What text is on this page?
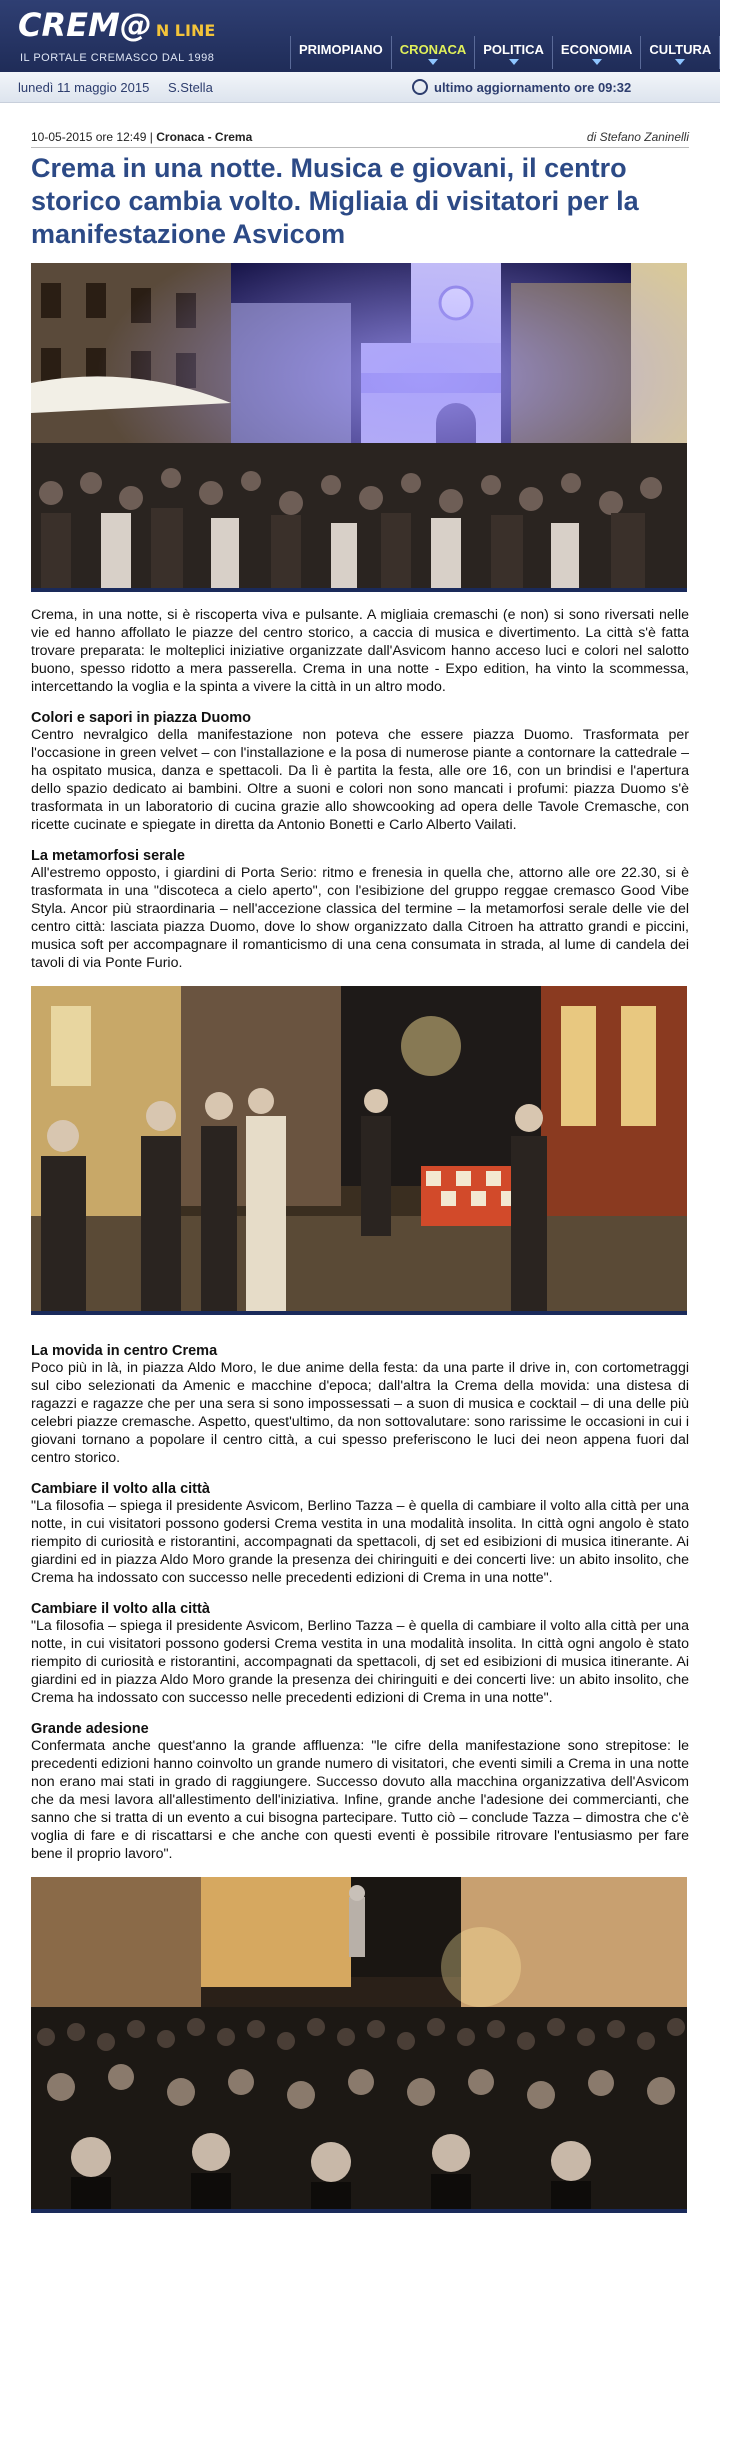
CREM@ N LINE
IL PORTALE CREMASCO DAL 1998
PRIMOPIANO	CRONACA	POLITICA	ECONOMIA	CULTURA	SP
lunedì 11 maggio 2015 S.Stella	ultimo aggiornamento ore 09:32
10-05-2015 ore 12:49 | Cronaca - Crema	di Stefano Zaninelli
Crema in una notte. Musica e giovani, il centro storico cambia volto. Migliaia di visitatori per la manifestazione Asvicom

Crema, in una notte, si è riscoperta viva e pulsante. A migliaia cremaschi (e non) si sono riversati nelle vie ed hanno affollato le piazze del centro storico, a caccia di musica e divertimento. La città s'è fatta trovare preparata: le molteplici iniziative organizzate dall'Asvicom hanno acceso luci e colori nel salotto buono, spesso ridotto a mera passerella. Crema in una notte - Expo edition, ha vinto la scommessa, intercettando la voglia e la spinta a vivere la città in un altro modo.

Colori e sapori in piazza Duomo

Centro nevralgico della manifestazione non poteva che essere piazza Duomo. Trasformata per l'occasione in green velvet – con l'installazione e la posa di numerose piante a contornare la cattedrale – ha ospitato musica, danza e spettacoli. Da lì è partita la festa, alle ore 16, con un brindisi e l'apertura dello spazio dedicato ai bambini. Oltre a suoni e colori non sono mancati i profumi: piazza Duomo s'è trasformata in un laboratorio di cucina grazie allo showcooking ad opera delle Tavole Cremasche, con ricette cucinate e spiegate in diretta da Antonio Bonetti e Carlo Alberto Vailati.

La metamorfosi serale

All'estremo opposto, i giardini di Porta Serio: ritmo e frenesia in quella che, attorno alle ore 22.30, si è trasformata in una "discoteca a cielo aperto", con l'esibizione del gruppo reggae cremasco Good Vibe Styla. Ancor più straordinaria – nell'accezione classica del termine – la metamorfosi serale delle vie del centro città: lasciata piazza Duomo, dove lo show organizzato dalla Citroen ha attratto grandi e piccini, musica soft per accompagnare il romanticismo di una cena consumata in strada, al lume di candela dei tavoli di via Ponte Furio.

La movida in centro Crema

Poco più in là, in piazza Aldo Moro, le due anime della festa: da una parte il drive in, con cortometraggi sul cibo selezionati da Amenic e macchine d'epoca; dall'altra la Crema della movida: una distesa di ragazzi e ragazze che per una sera si sono impossessati – a suon di musica e cocktail – di una delle più celebri piazze cremasche. Aspetto, quest'ultimo, da non sottovalutare: sono rarissime le occasioni in cui i giovani tornano a popolare il centro città, a cui spesso preferiscono le luci dei neon appena fuori dal centro storico.

Cambiare il volto alla città

"La filosofia – spiega il presidente Asvicom, Berlino Tazza – è quella di cambiare il volto alla città per una notte, in cui visitatori possono godersi Crema vestita in una modalità insolita. In città ogni angolo è stato riempito di curiosità e ristorantini, accompagnati da spettacoli, dj set ed esibizioni di musica itinerante. Ai giardini ed in piazza Aldo Moro grande la presenza dei chiringuiti e dei concerti live: un abito insolito, che Crema ha indossato con successo nelle precedenti edizioni di Crema in una notte".

Cambiare il volto alla città

"La filosofia – spiega il presidente Asvicom, Berlino Tazza – è quella di cambiare il volto alla città per una notte, in cui visitatori possono godersi Crema vestita in una modalità insolita. In città ogni angolo è stato riempito di curiosità e ristorantini, accompagnati da spettacoli, dj set ed esibizioni di musica itinerante. Ai giardini ed in piazza Aldo Moro grande la presenza dei chiringuiti e dei concerti live: un abito insolito, che Crema ha indossato con successo nelle precedenti edizioni di Crema in una notte".

Grande adesione

Confermata anche quest'anno la grande affluenza: "le cifre della manifestazione sono strepitose: le precedenti edizioni hanno coinvolto un grande numero di visitatori, che eventi simili a Crema in una notte non erano mai stati in grado di raggiungere. Successo dovuto alla macchina organizzativa dell'Asvicom che da mesi lavora all'allestimento dell'iniziativa. Infine, grande anche l'adesione dei commercianti, che sanno che si tratta di un evento a cui bisogna partecipare. Tutto ciò – conclude Tazza – dimostra che c'è voglia di fare e di riscattarsi e che anche con questi eventi è possibile ritrovare l'entusiasmo per fare bene il proprio lavoro".
